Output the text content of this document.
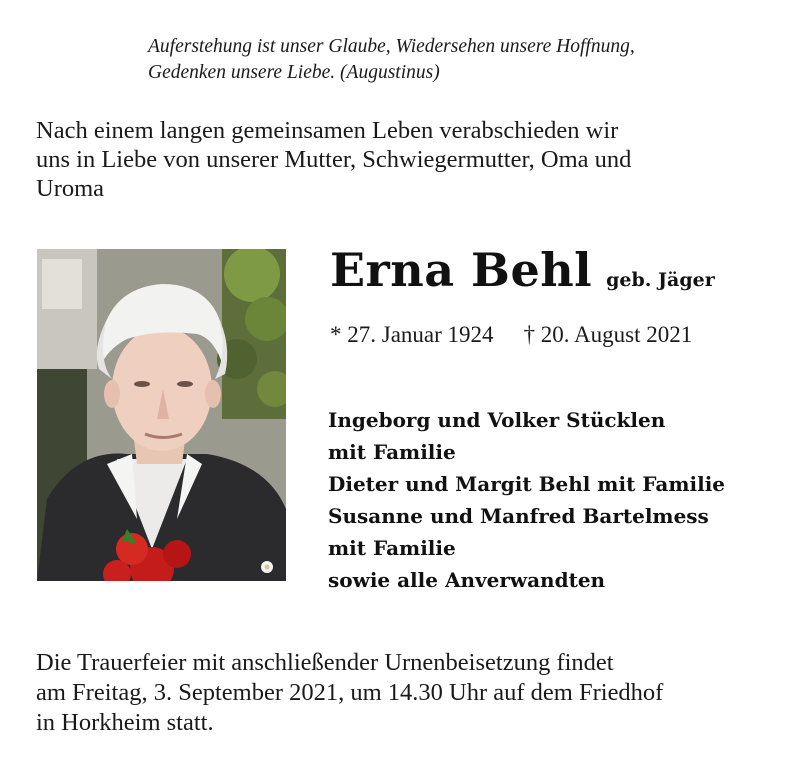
Auferstehung ist unser Glaube, Wiedersehen unsere Hoffnung,
Gedenken unsere Liebe. (Augustinus)
Nach einem langen gemeinsamen Leben verabschieden wir
uns in Liebe von unserer Mutter, Schwiegermutter, Oma und
Uroma
Erna Behl geb. Jäger
* 27. Januar 1924 † 20. August 2021
Ingeborg und Volker Stücklen
mit Familie
Dieter und Margit Behl mit Familie
Susanne und Manfred Bartelmess
mit Familie
sowie alle Anverwandten
Die Trauerfeier mit anschließender Urnenbeisetzung findet
am Freitag, 3. September 2021, um 14.30 Uhr auf dem Friedhof
in Horkheim statt.
